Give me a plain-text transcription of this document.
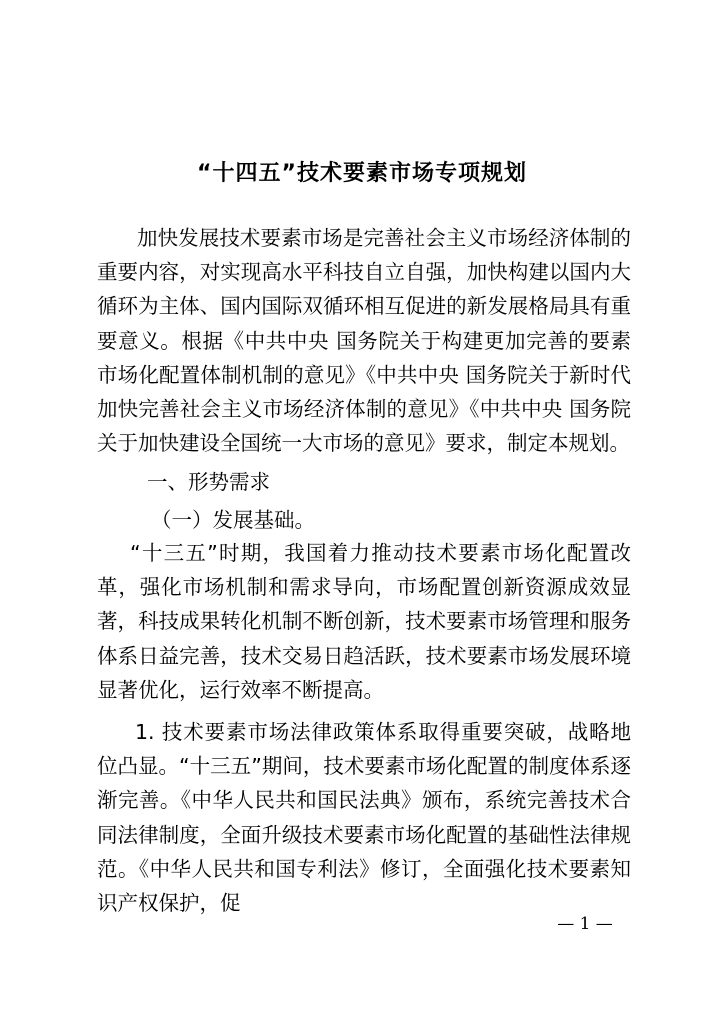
“十四五”技术要素市场专项规划

加快发展技术要素市场是完善社会主义市场经济体制的重要内容，对实现高水平科技自立自强，加快构建以国内大循环为主体、国内国际双循环相互促进的新发展格局具有重要意义。根据《中共中央 国务院关于构建更加完善的要素市场化配置体制机制的意见》《中共中央 国务院关于新时代加快完善社会主义市场经济体制的意见》《中共中央 国务院关于加快建设全国统一大市场的意见》要求，制定本规划。

一、形势需求

（一）发展基础。

“十三五”时期，我国着力推动技术要素市场化配置改革，强化市场机制和需求导向，市场配置创新资源成效显著，科技成果转化机制不断创新，技术要素市场管理和服务体系日益完善，技术交易日趋活跃，技术要素市场发展环境显著优化，运行效率不断提高。

1. 技术要素市场法律政策体系取得重要突破，战略地位凸显。“十三五”期间，技术要素市场化配置的制度体系逐渐完善。《中华人民共和国民法典》颁布，系统完善技术合同法律制度，全面升级技术要素市场化配置的基础性法律规范。《中华人民共和国专利法》修订，全面强化技术要素知识产权保护，促

— 1 —
